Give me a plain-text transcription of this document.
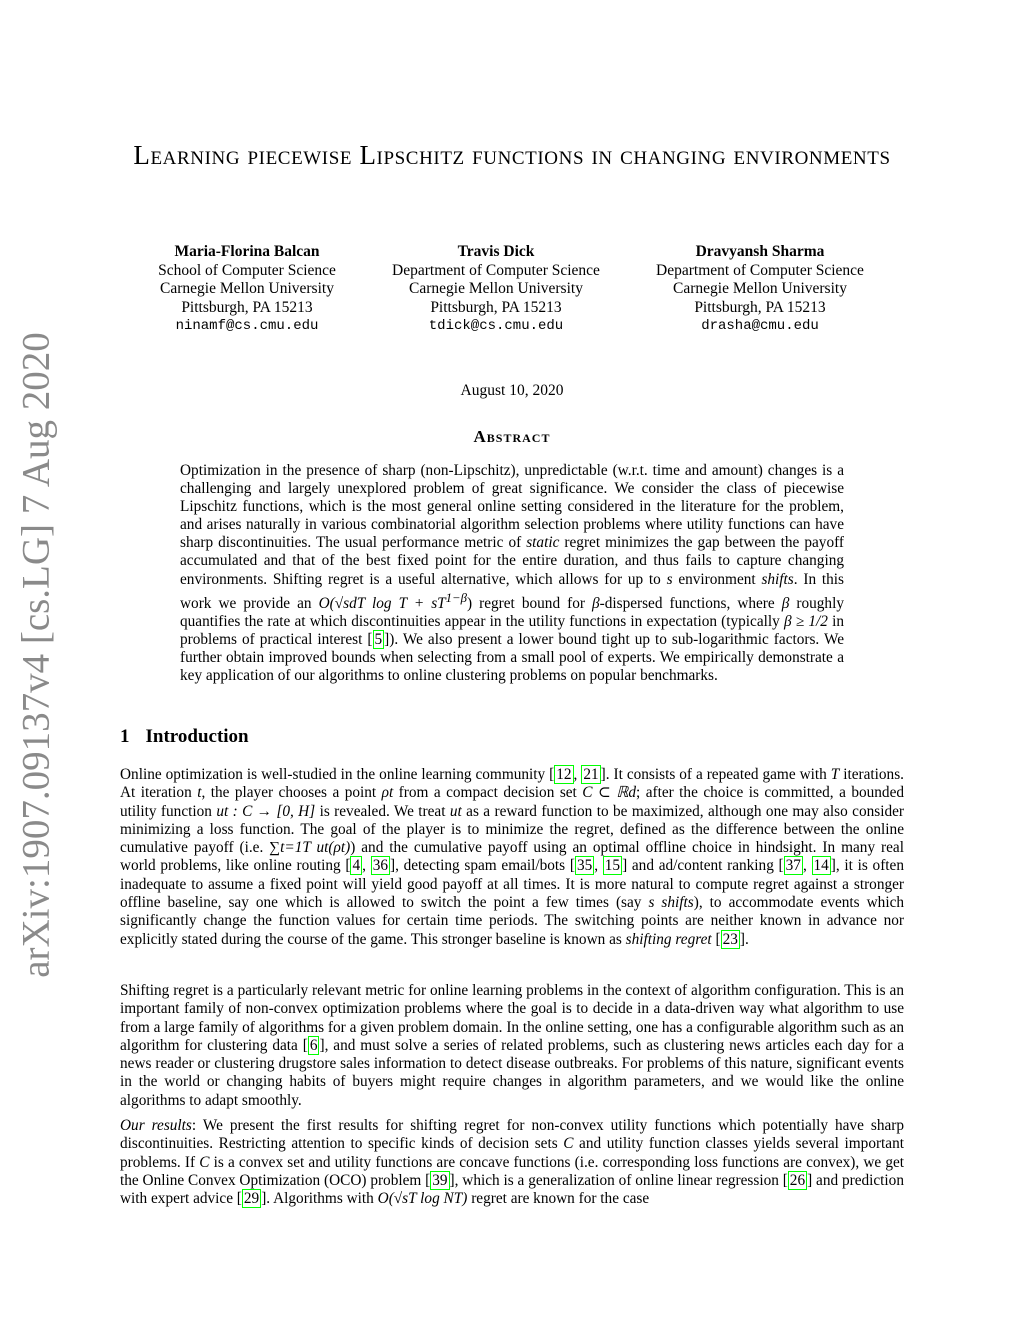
arXiv:1907.09137v4 [cs.LG] 7 Aug 2020
Learning piecewise Lipschitz functions in changing environments
Maria-Florina Balcan
School of Computer Science
Carnegie Mellon University
Pittsburgh, PA 15213
ninamf@cs.cmu.edu
Travis Dick
Department of Computer Science
Carnegie Mellon University
Pittsburgh, PA 15213
tdick@cs.cmu.edu
Dravyansh Sharma
Department of Computer Science
Carnegie Mellon University
Pittsburgh, PA 15213
drasha@cmu.edu
August 10, 2020
Abstract
Optimization in the presence of sharp (non-Lipschitz), unpredictable (w.r.t. time and amount) changes is a challenging and largely unexplored problem of great significance. We consider the class of piecewise Lipschitz functions, which is the most general online setting considered in the literature for the problem, and arises naturally in various combinatorial algorithm selection problems where utility functions can have sharp discontinuities. The usual performance metric of static regret minimizes the gap between the payoff accumulated and that of the best fixed point for the entire duration, and thus fails to capture changing environments. Shifting regret is a useful alternative, which allows for up to s environment shifts. In this work we provide an O(√sdT $\log T + sT^{1-\beta}$) regret bound for β-dispersed functions, where β roughly quantifies the rate at which discontinuities appear in the utility functions in expectation (typically β ≥ 1/2 in problems of practical interest [ 5 ]). We also present a lower bound tight up to sub-logarithmic factors. We further obtain improved bounds when selecting from a small pool of experts. We empirically demonstrate a key application of our algorithms to online clustering problems on popular benchmarks.
1 Introduction
Online optimization is well-studied in the online learning community [ 12 , 21 ]. It consists of a repeated game with T iterations. At iteration t, the player chooses a point ρt from a compact decision set C ⊂ ℝd; after the choice is committed, a bounded utility function ut : C → [0, H] is revealed. We treat ut as a reward function to be maximized, although one may also consider minimizing a loss function. The goal of the player is to minimize the regret, defined as the difference between the online cumulative payoff (i.e. ∑t=1T ut(ρt)) and the cumulative payoff using an optimal offline choice in hindsight. In many real world problems, like online routing [ 4 , 36 ], detecting spam email/bots [ 35 , 15 ] and ad/content ranking [ 37 , 14 ], it is often inadequate to assume a fixed point will yield good payoff at all times. It is more natural to compute regret against a stronger offline baseline, say one which is allowed to switch the point a few times (say s shifts), to accommodate events which significantly change the function values for certain time periods. The switching points are neither known in advance nor explicitly stated during the course of the game. This stronger baseline is known as shifting regret [ 23 ].
Shifting regret is a particularly relevant metric for online learning problems in the context of algorithm configuration. This is an important family of non-convex optimization problems where the goal is to decide in a data-driven way what algorithm to use from a large family of algorithms for a given problem domain. In the online setting, one has a configurable algorithm such as an algorithm for clustering data [ 6 ], and must solve a series of related problems, such as clustering news articles each day for a news reader or clustering drugstore sales information to detect disease outbreaks. For problems of this nature, significant events in the world or changing habits of buyers might require changes in algorithm parameters, and we would like the online algorithms to adapt smoothly.
Our results: We present the first results for shifting regret for non-convex utility functions which potentially have sharp discontinuities. Restricting attention to specific kinds of decision sets C and utility function classes yields several important problems. If C is a convex set and utility functions are concave functions (i.e. corresponding loss functions are convex), we get the Online Convex Optimization (OCO) problem [ 39 ], which is a generalization of online linear regression [ 26 ] and prediction with expert advice [ 29 ]. Algorithms with O(√sT log NT) regret are known for the case
